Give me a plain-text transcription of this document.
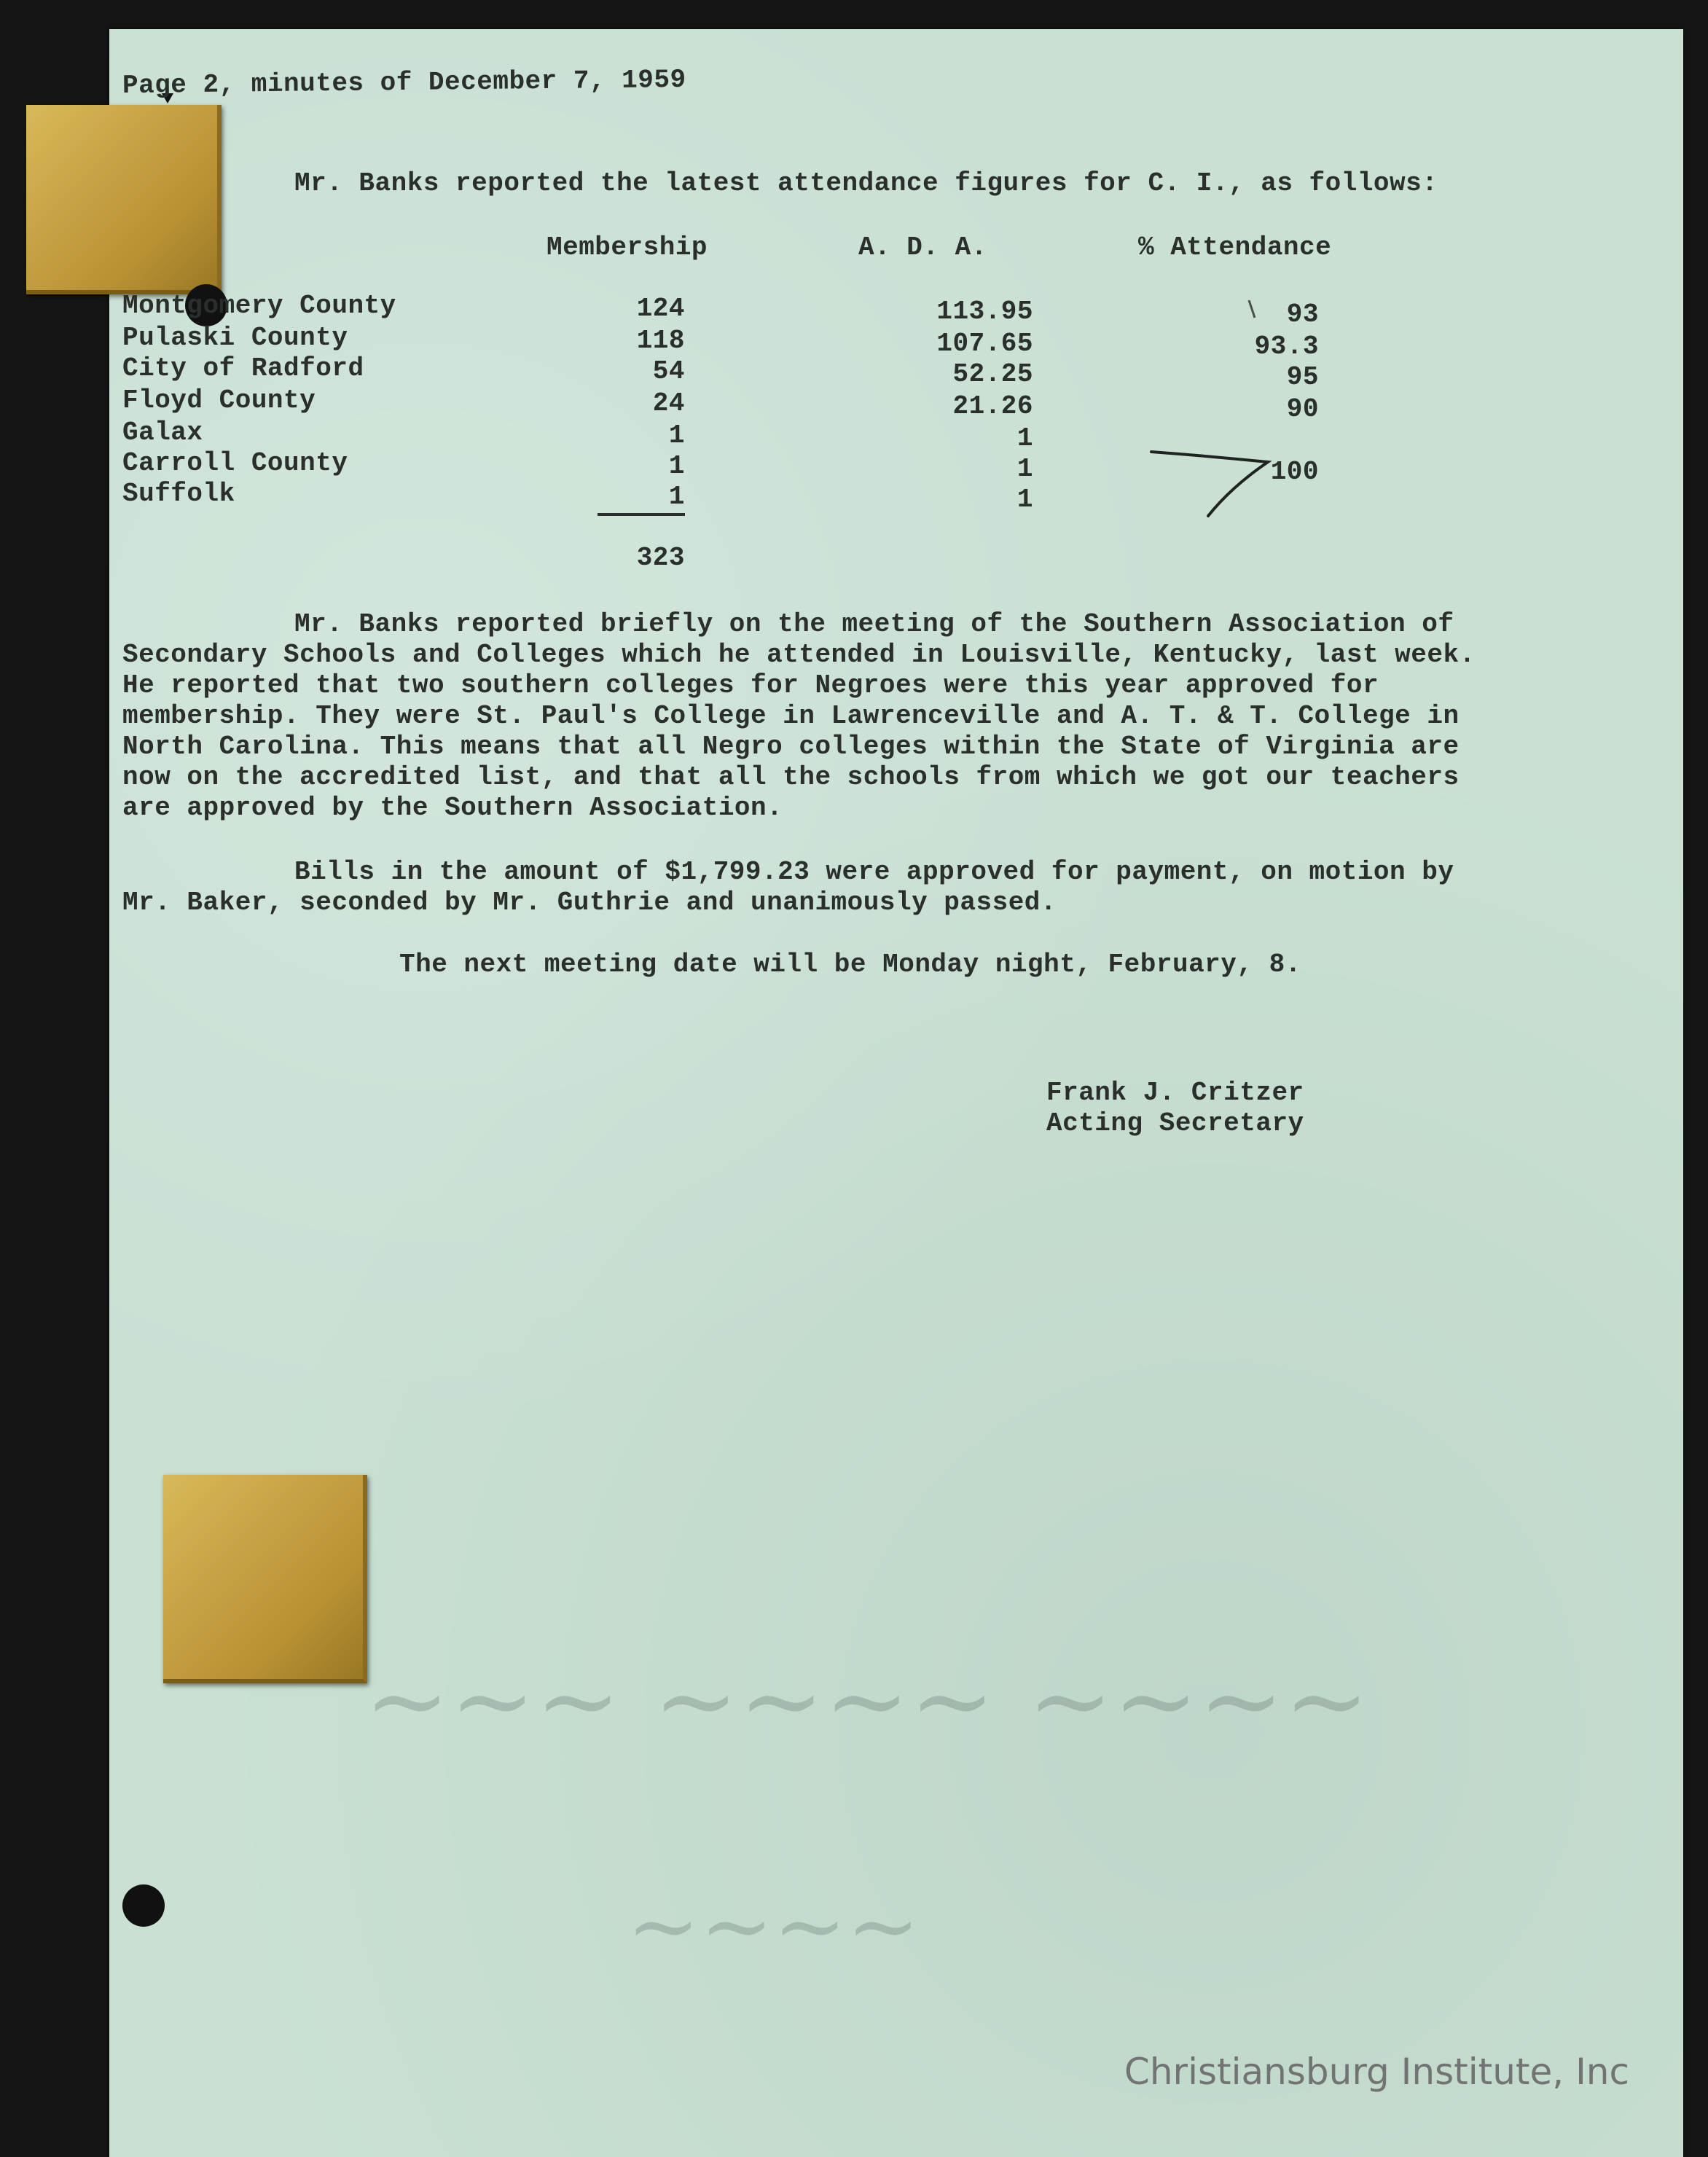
~~~~ ~~~~ ~~~
~~~~
Page 2, minutes of December 7, 1959
Mr. Banks reported the latest attendance figures for C. I., as follows:
Membership	A. D. A.	% Attendance
Montgomery County	124	113.95	93
Pulaski County	118	107.65	93.3
City of Radford	54	52.25	95
Floyd County	24	21.26	90
Galax	1	1
Carroll County	1	1	100
Suffolk	1	1
323
Mr. Banks reported briefly on the meeting of the Southern Association of Secondary Schools and Colleges which he attended in Louisville, Kentucky, last week. He reported that two southern colleges for Negroes were this year approved for membership. They were St. Paul's College in Lawrenceville and A. T. & T. College in North Carolina. This means that all Negro colleges within the State of Virginia are now on the accredited list, and that all the schools from which we got our teachers are approved by the Southern Association.
Bills in the amount of $1,799.23 were approved for payment, on motion by Mr. Baker, seconded by Mr. Guthrie and unanimously passed.
The next meeting date will be Monday night, February, 8.
Frank J. Critzer
Acting Secretary
Christiansburg Institute, Inc
